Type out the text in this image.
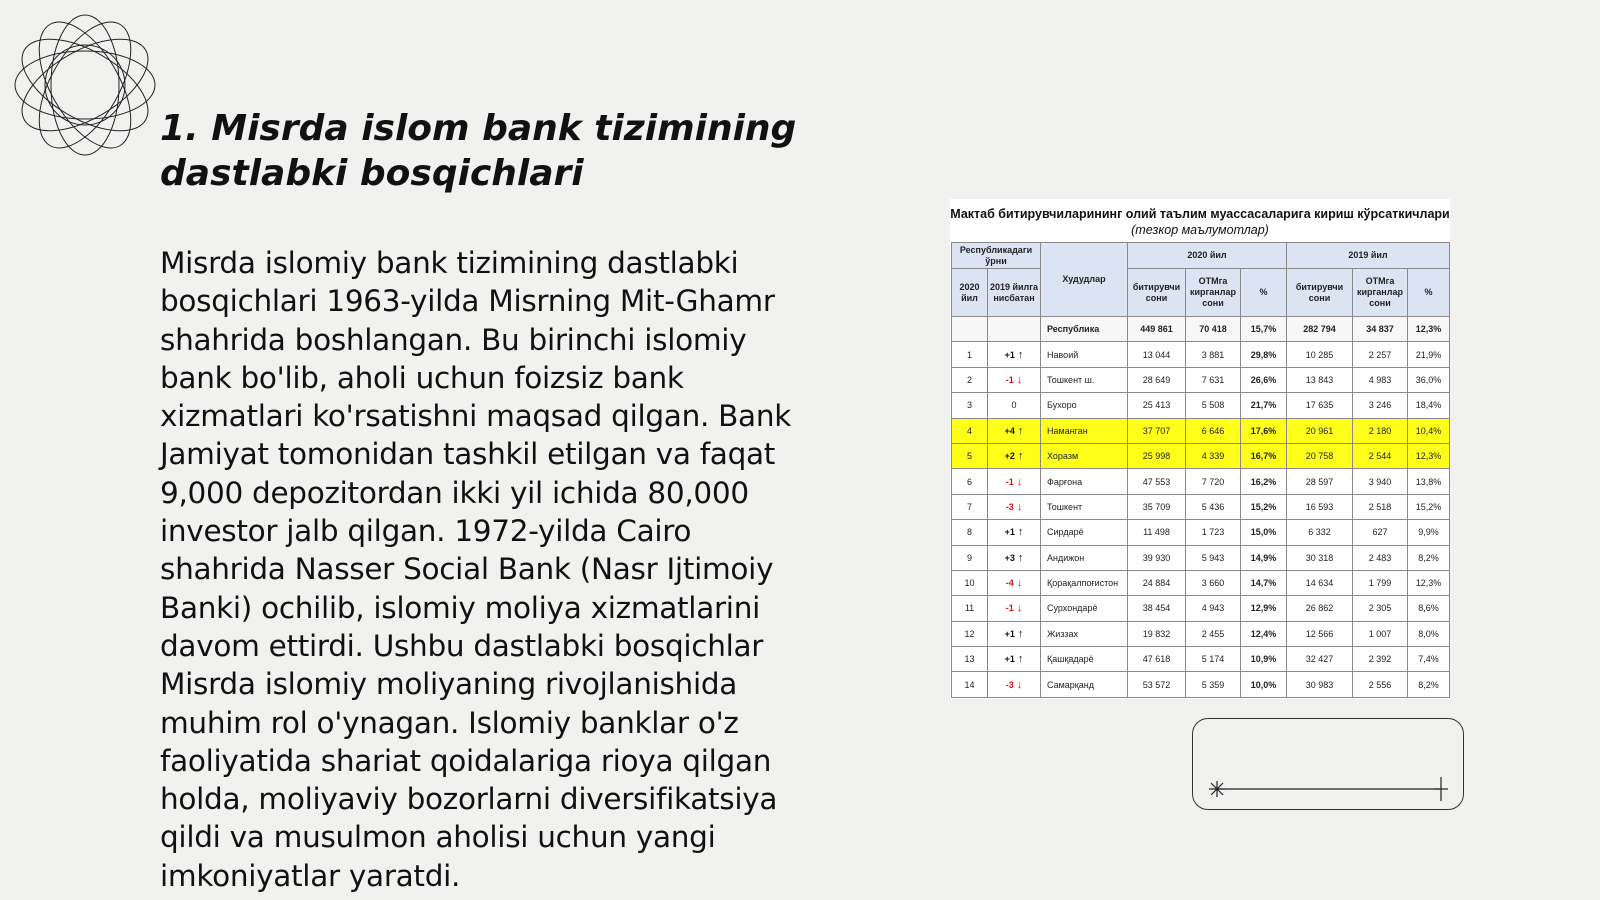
1. Misrda islom bank tizimining dastlabki bosqichlari

Misrda islomiy bank tizimining dastlabki bosqichlari 1963-yilda Misrning Mit-Ghamr shahrida boshlangan. Bu birinchi islomiy bank bo'lib, aholi uchun foizsiz bank xizmatlari ko'rsatishni maqsad qilgan. Bank Jamiyat tomonidan tashkil etilgan va faqat 9,000 depozitordan ikki yil ichida 80,000 investor jalb qilgan. 1972-yilda Cairo shahrida Nasser Social Bank (Nasr Ijtimoiy Banki) ochilib, islomiy moliya xizmatlarini davom ettirdi. Ushbu dastlabki bosqichlar Misrda islomiy moliyaning rivojlanishida muhim rol o'ynagan. Islomiy banklar o'z faoliyatida shariat qoidalariga rioya qilgan holda, moliyaviy bozorlarni diversifikatsiya qildi va musulmon aholisi uchun yangi imkoniyatlar yaratdi.

Мактаб битирувчиларининг олий таълим муассасаларига кириш кўрсаткичлари (тезкор маълумотлар)
Республикадаги ўрни		Худудлар	2020 йил			2019 йил		
2020 йил	2019 йилга нисбатан		битирувчи сони	ОТМга кирганлар сони	%	битирувчи сони	ОТМга кирганлар сони	%
		Республика	449 861	70 418	15,7%	282 794	34 837	12,3%
1	+1 ↑	Навоий	13 044	3 881	29,8%	10 285	2 257	21,9%
2	-1 ↓	Тошкент ш.	28 649	7 631	26,6%	13 843	4 983	36,0%
3	0	Бухоро	25 413	5 508	21,7%	17 635	3 246	18,4%
4	+4 ↑	Наманган	37 707	6 646	17,6%	20 961	2 180	10,4%
5	+2 ↑	Хоразм	25 998	4 339	16,7%	20 758	2 544	12,3%
6	-1 ↓	Фарғона	47 553	7 720	16,2%	28 597	3 940	13,8%
7	-3 ↓	Тошкент	35 709	5 436	15,2%	16 593	2 518	15,2%
8	+1 ↑	Сирдарё	11 498	1 723	15,0%	6 332	627	9,9%
9	+3 ↑	Андижон	39 930	5 943	14,9%	30 318	2 483	8,2%
10	-4 ↓	Қорақалпоғистон	24 884	3 660	14,7%	14 634	1 799	12,3%
11	-1 ↓	Сурхондарё	38 454	4 943	12,9%	26 862	2 305	8,6%
12	+1 ↑	Жиззах	19 832	2 455	12,4%	12 566	1 007	8,0%
13	+1 ↑	Қашқадарё	47 618	5 174	10,9%	32 427	2 392	7,4%
14	-3 ↓	Самарқанд	53 572	5 359	10,0%	30 983	2 556	8,2%
